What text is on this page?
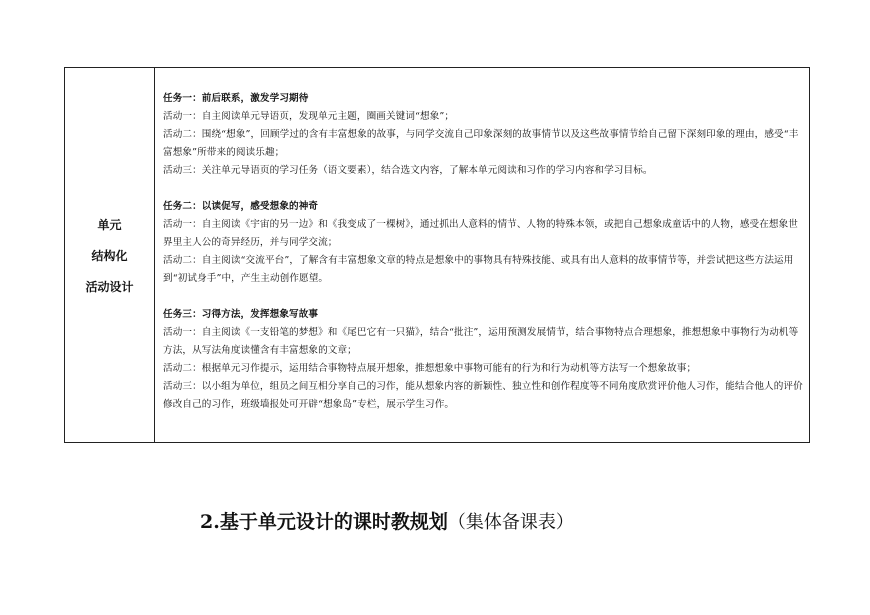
单元
结构化
活动设计
任务一：前后联系，激发学习期待
活动一：自主阅读单元导语页，发现单元主题，圈画关键词“想象”；
活动二：围绕“想象”，回顾学过的含有丰富想象的故事，与同学交流自己印象深刻的故事情节以及这些故事情节给自己留下深刻印象的理由，感受“丰富想象”所带来的阅读乐趣；
活动三：关注单元导语页的学习任务（语文要素），结合选文内容，了解本单元阅读和习作的学习内容和学习目标。
任务二：以读促写，感受想象的神奇
活动一：自主阅读《宇宙的另一边》和《我变成了一棵树》，通过抓出人意料的情节、人物的特殊本领，或把自己想象成童话中的人物，感受在想象世界里主人公的奇异经历，并与同学交流；
活动二：自主阅读“交流平台”，了解含有丰富想象文章的特点是想象中的事物具有特殊技能、或具有出人意料的故事情节等，并尝试把这些方法运用到“初试身手”中，产生主动创作愿望。
任务三：习得方法，发挥想象写故事
活动一：自主阅读《一支铅笔的梦想》和《尾巴它有一只猫》，结合“批注”，运用预测发展情节，结合事物特点合理想象，推想想象中事物行为动机等方法，从写法角度读懂含有丰富想象的文章；
活动二：根据单元习作提示，运用结合事物特点展开想象，推想想象中事物可能有的行为和行为动机等方法写一个想象故事；
活动三：以小组为单位，组员之间互相分享自己的习作，能从想象内容的新颖性、独立性和创作程度等不同角度欣赏评价他人习作，能结合他人的评价修改自己的习作，班级墙报处可开辟“想象岛”专栏，展示学生习作。
2.基于单元设计的课时教规划（集体备课表）
